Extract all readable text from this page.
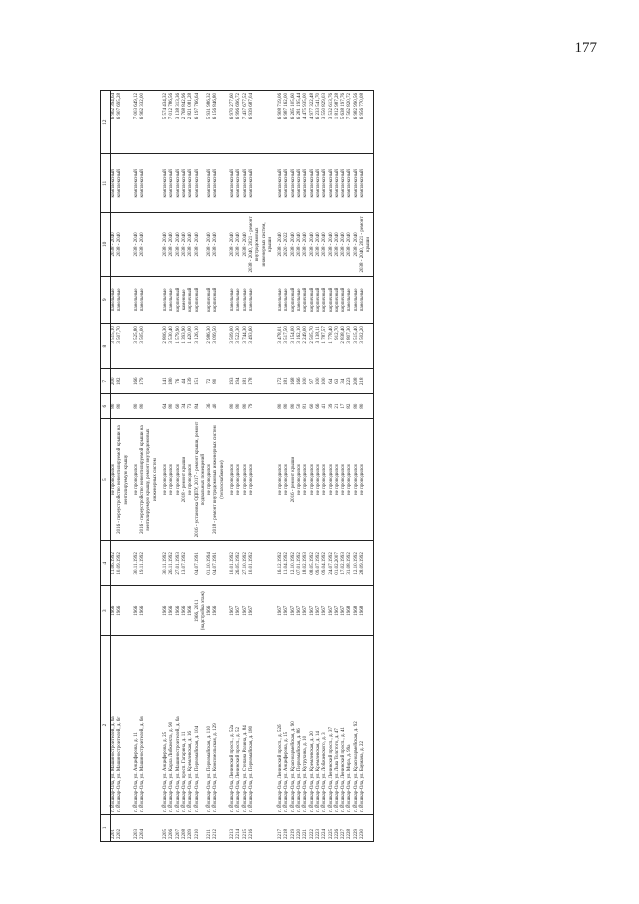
177
1	2	3	4	5	6	7	8	9	10	11	12
2201	г. Йошкар-Ола, ул. Машиностроителей, д. 6а	1966	11.06.1992	не проводился	80	200	3 515,10	панельные	2038 - 2040	комплексный	6 962 394,64
2202	г. Йошкар-Ола, ул. Машиностроителей, д. 6г	1966	10.09.1992	2016 - переустройство невентилируемой крыши на вентилируемую крышу	80	182	3 507,70	панельные	2038 - 2040	комплексный	6 907 695,28

2203	г. Йошкар-Ола, ул. Анциферова, д. 11	1966	30.11.1992	не проводился	80	166	3 525,80	панельные	2038 - 2040	комплексный	7 003 649,12
2204	г. Йошкар-Ола, ул. Машиностроителей, д. 6в	1966	19.11.1992	2016 - переустройство невентилируемой крыши на вентилируемую крышу, ремонт внутридомовых инженерных систем	80	179	3 505,00	панельные	2038 - 2040	комплексный	6 962 332,00

2205	г. Йошкар-Ола, ул. Анциферова, д. 25	1966	30.11.1992	не проводился	64	141	2 806,30	панельные	2038 - 2040	комплексный	5 574 434,32
2206	г. Йошкар-Ола, ул. Карла Либкнехта, д. 90	1966	26.11.1992	не проводился	80	180	3 530,40	панельные	2038 - 2040	комплексный	7 012 786,56
2207	г. Йошкар-Ола, ул. Машиностроителей, д. 6а	1966	27.01.1993	не проводился	60	76	1 579,90	кирпичный	2038 - 2040	комплексный	3 138 313,36
2208	г. Йошкар-Ола, просп. Гагарина, д. 11	1966	13.07.1992	2018 - ремонт крыши	34	44	1 393,90	каменные	2038 - 2040	комплексный	2 768 842,96
2209	г. Йошкар-Ола, ул. Кремлевская, д. 16	1966		не проводился	73	139	1 420,00	кирпичный	2038 - 2040	комплексный	2 821 081,28
2210	г. Йошкар-Ола, ул. Первомайская, д. 104	1966, 2011 (надстройка этаж)	04.07.1991	2016 - установка ОДПУ, 2017 - ремонт крыши, ремонт подвальных помещений	84	151	3 126,10	кирпичный	2038 - 2040	комплексный	6 197 766,64
2211	г. Йошкар-Ола, ул. Первомайская, д. 110	1966	01.10.1994	не проводился	36	72	2 986,30	кирпичный	2038 - 2040	комплексный	5 931 986,32
2212	г. Йошкар-Ола, ул. Комсомольская, д. 129	1966	04.07.1991	2018 - ремонт внутридомовых инженерных систем (теплоснабжение)	40	80	3 099,50	кирпичный	2038 - 2040	комплексный	6 156 846,80

2213	г. Йошкар-Ола, Ленинский просп., д. 52а	1967	10.01.1992	не проводился	80	193	3 509,00	панельные	2038 - 2040	комплексный	6 970 277,60
2214	г. Йошкар-Ола, Ленинский просп., д. 52	1967	26.05.1992	не проводился	80	194	3 522,30	панельные	2038 - 2040	комплексный	6 996 696,72
2215	г. Йошкар-Ола, ул. Степана Разина, д. 84	1967	27.10.1992	не проводился	80	181	3 744,30	панельные	2038 - 2040	комплексный	7 437 677,52
2216	г. Йошкар-Ола, ул. Первомайская, д. 180	1967	10.01.1992	не проводился	79	178	3 493,60	панельные	2038 - 2040, 2021 - ремонт внутридомовых инженерных систем, крыши	комплексный	6 939 687,04

2217	г. Йошкар-Ола, Ленинский просп., д. 52б	1967	16.12.1992	не проводился	80	172	3 478,01	панельные	2038 - 2040	комплексный	6 908 719,06
2218	г. Йошкар-Ола, ул. Анциферова, д. 15	1967	11.04.1992	не проводился	80	181	3 517,50	панельные	2020 - 2022	комплексный	6 987 162,00
2219	г. Йошкар-Ола, ул. Красноармейская, д. 90	1967	12.10.1992	2016 - ремонт крыши	80	168	3 154,00	кирпичный	2038 - 2040	комплексный	6 265 105,60
2220	г. Йошкар-Ола, ул. Первомайская, д. 86	1967	07.01.1992	не проводился	50	166	3 162,10	панельные	2038 - 2040	комплексный	6 281 195,44
2221	г. Йошкар-Ола, ул. Кутрухина, д. 10	1967	18.02.1993	не проводился	81	100	2 249,00	кирпичный	2038 - 2040	комплексный	4 475 935,00
2222	г. Йошкар-Ола, ул. Кремлевская, д. 20	1967	08.05.1992	не проводился	60	97	2 505,70	кирпичный	2038 - 2040	комплексный	4 977 322,48
2223	г. Йошкар-Ола, ул. Кремлевская, д. 14	1967	09.07.1992	не проводился	66	100	3 138,11	кирпичный	2038 - 2040	комплексный	6 233 541,70
2224	г. Йошкар-Ола, ул. Лобачевского, д. 3	1967	09.04.1992	не проводился	41	100	1 787,57	кирпичный	2038 - 2040	комплексный	3 550 829,03
2225	г. Йошкар-Ола, Ленинский просп., д. 37	1967	24.07.1992	не проводился	39	64	1 778,40	кирпичный	2038 - 2040	комплексный	3 532 613,76
2226	г. Йошкар-Ола, ул. Льва Толстого, д. 47	1967	01.02.2007	не проводился	21	63	912,70	кирпичный	2038 - 2040	комплексный	1 812 987,28
2227	г. Йошкар-Ола, Ленинский просп., д. 41	1967	17.02.1993	не проводился	17	34	2 838,40	кирпичный	2038 - 2040	комплексный	5 638 197,76
2228	г. Йошкар-Ола, ул. Мира, д. 99а	1968	31.08.1992	не проводился	82	223	3 807,30	панельные	2038 - 2040	комплексный	7 562 820,72
2229	г. Йошкар-Ола, ул. Красноармейская, д. 92	1968	12.10.1992	не проводился	80	208	3 515,40	панельные	2038 - 2040	комплексный	6 982 990,56
2230	г. Йошкар-Ола, ул. Баумана, д. 22	1968	28.09.1992	не проводился	80	218	3 502,20	панельные	2038 - 2040, 2021 - ремонт крыши	комплексный	6 956 770,08
